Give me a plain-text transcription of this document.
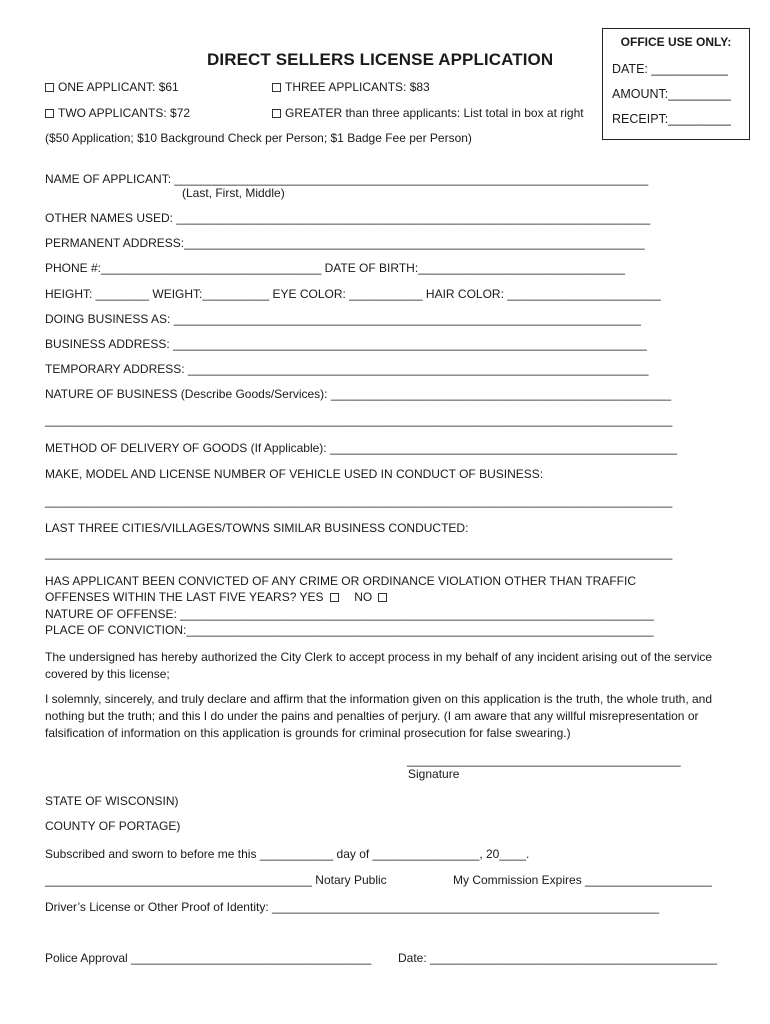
DIRECT SELLERS LICENSE APPLICATION
OFFICE USE ONLY:
DATE: ___________
AMOUNT:_________
RECEIPT:_________
ONE APPLICANT: $61	THREE APPLICANTS: $83
TWO APPLICANTS: $72	GREATER than three applicants: List total in box at right
($50 Application; $10 Background Check per Person; $1 Badge Fee per Person)
NAME OF APPLICANT: _______________________________________________________________________
(Last, First, Middle)
OTHER NAMES USED: _______________________________________________________________________
PERMANENT ADDRESS:_____________________________________________________________________
PHONE #:_________________________________ DATE OF BIRTH:_______________________________
HEIGHT: ________ WEIGHT:__________ EYE COLOR: ___________ HAIR COLOR: _______________________
DOING BUSINESS AS: ______________________________________________________________________
BUSINESS ADDRESS: _______________________________________________________________________
TEMPORARY ADDRESS: _____________________________________________________________________
NATURE OF BUSINESS (Describe Goods/Services): ___________________________________________________
______________________________________________________________________________________________
METHOD OF DELIVERY OF GOODS (If Applicable): ____________________________________________________
MAKE, MODEL AND LICENSE NUMBER OF VEHICLE USED IN CONDUCT OF BUSINESS:
______________________________________________________________________________________________
LAST THREE CITIES/VILLAGES/TOWNS SIMILAR BUSINESS CONDUCTED:
______________________________________________________________________________________________
HAS APPLICANT BEEN CONVICTED OF ANY CRIME OR ORDINANCE VIOLATION OTHER THAN TRAFFIC
OFFENSES WITHIN THE LAST FIVE YEARS? YES	NO
NATURE OF OFFENSE: _______________________________________________________________________
PLACE OF CONVICTION:______________________________________________________________________
The undersigned has hereby authorized the City Clerk to accept process in my behalf of any incident arising out of the service covered by this license;
I solemnly, sincerely, and truly declare and affirm that the information given on this application is the truth, the whole truth, and nothing but the truth; and this I do under the pains and penalties of perjury. (I am aware that any willful misrepresentation or falsification of information on this application is grounds for criminal prosecution for false swearing.)
_________________________________________
Signature
STATE OF WISCONSIN)
COUNTY OF PORTAGE)
Subscribed and sworn to before me this ___________ day of ________________, 20____.
________________________________________ Notary Public	My Commission Expires ___________________
Driver’s License or Other Proof of Identity: __________________________________________________________
Police Approval ____________________________________ Date: ___________________________________________
